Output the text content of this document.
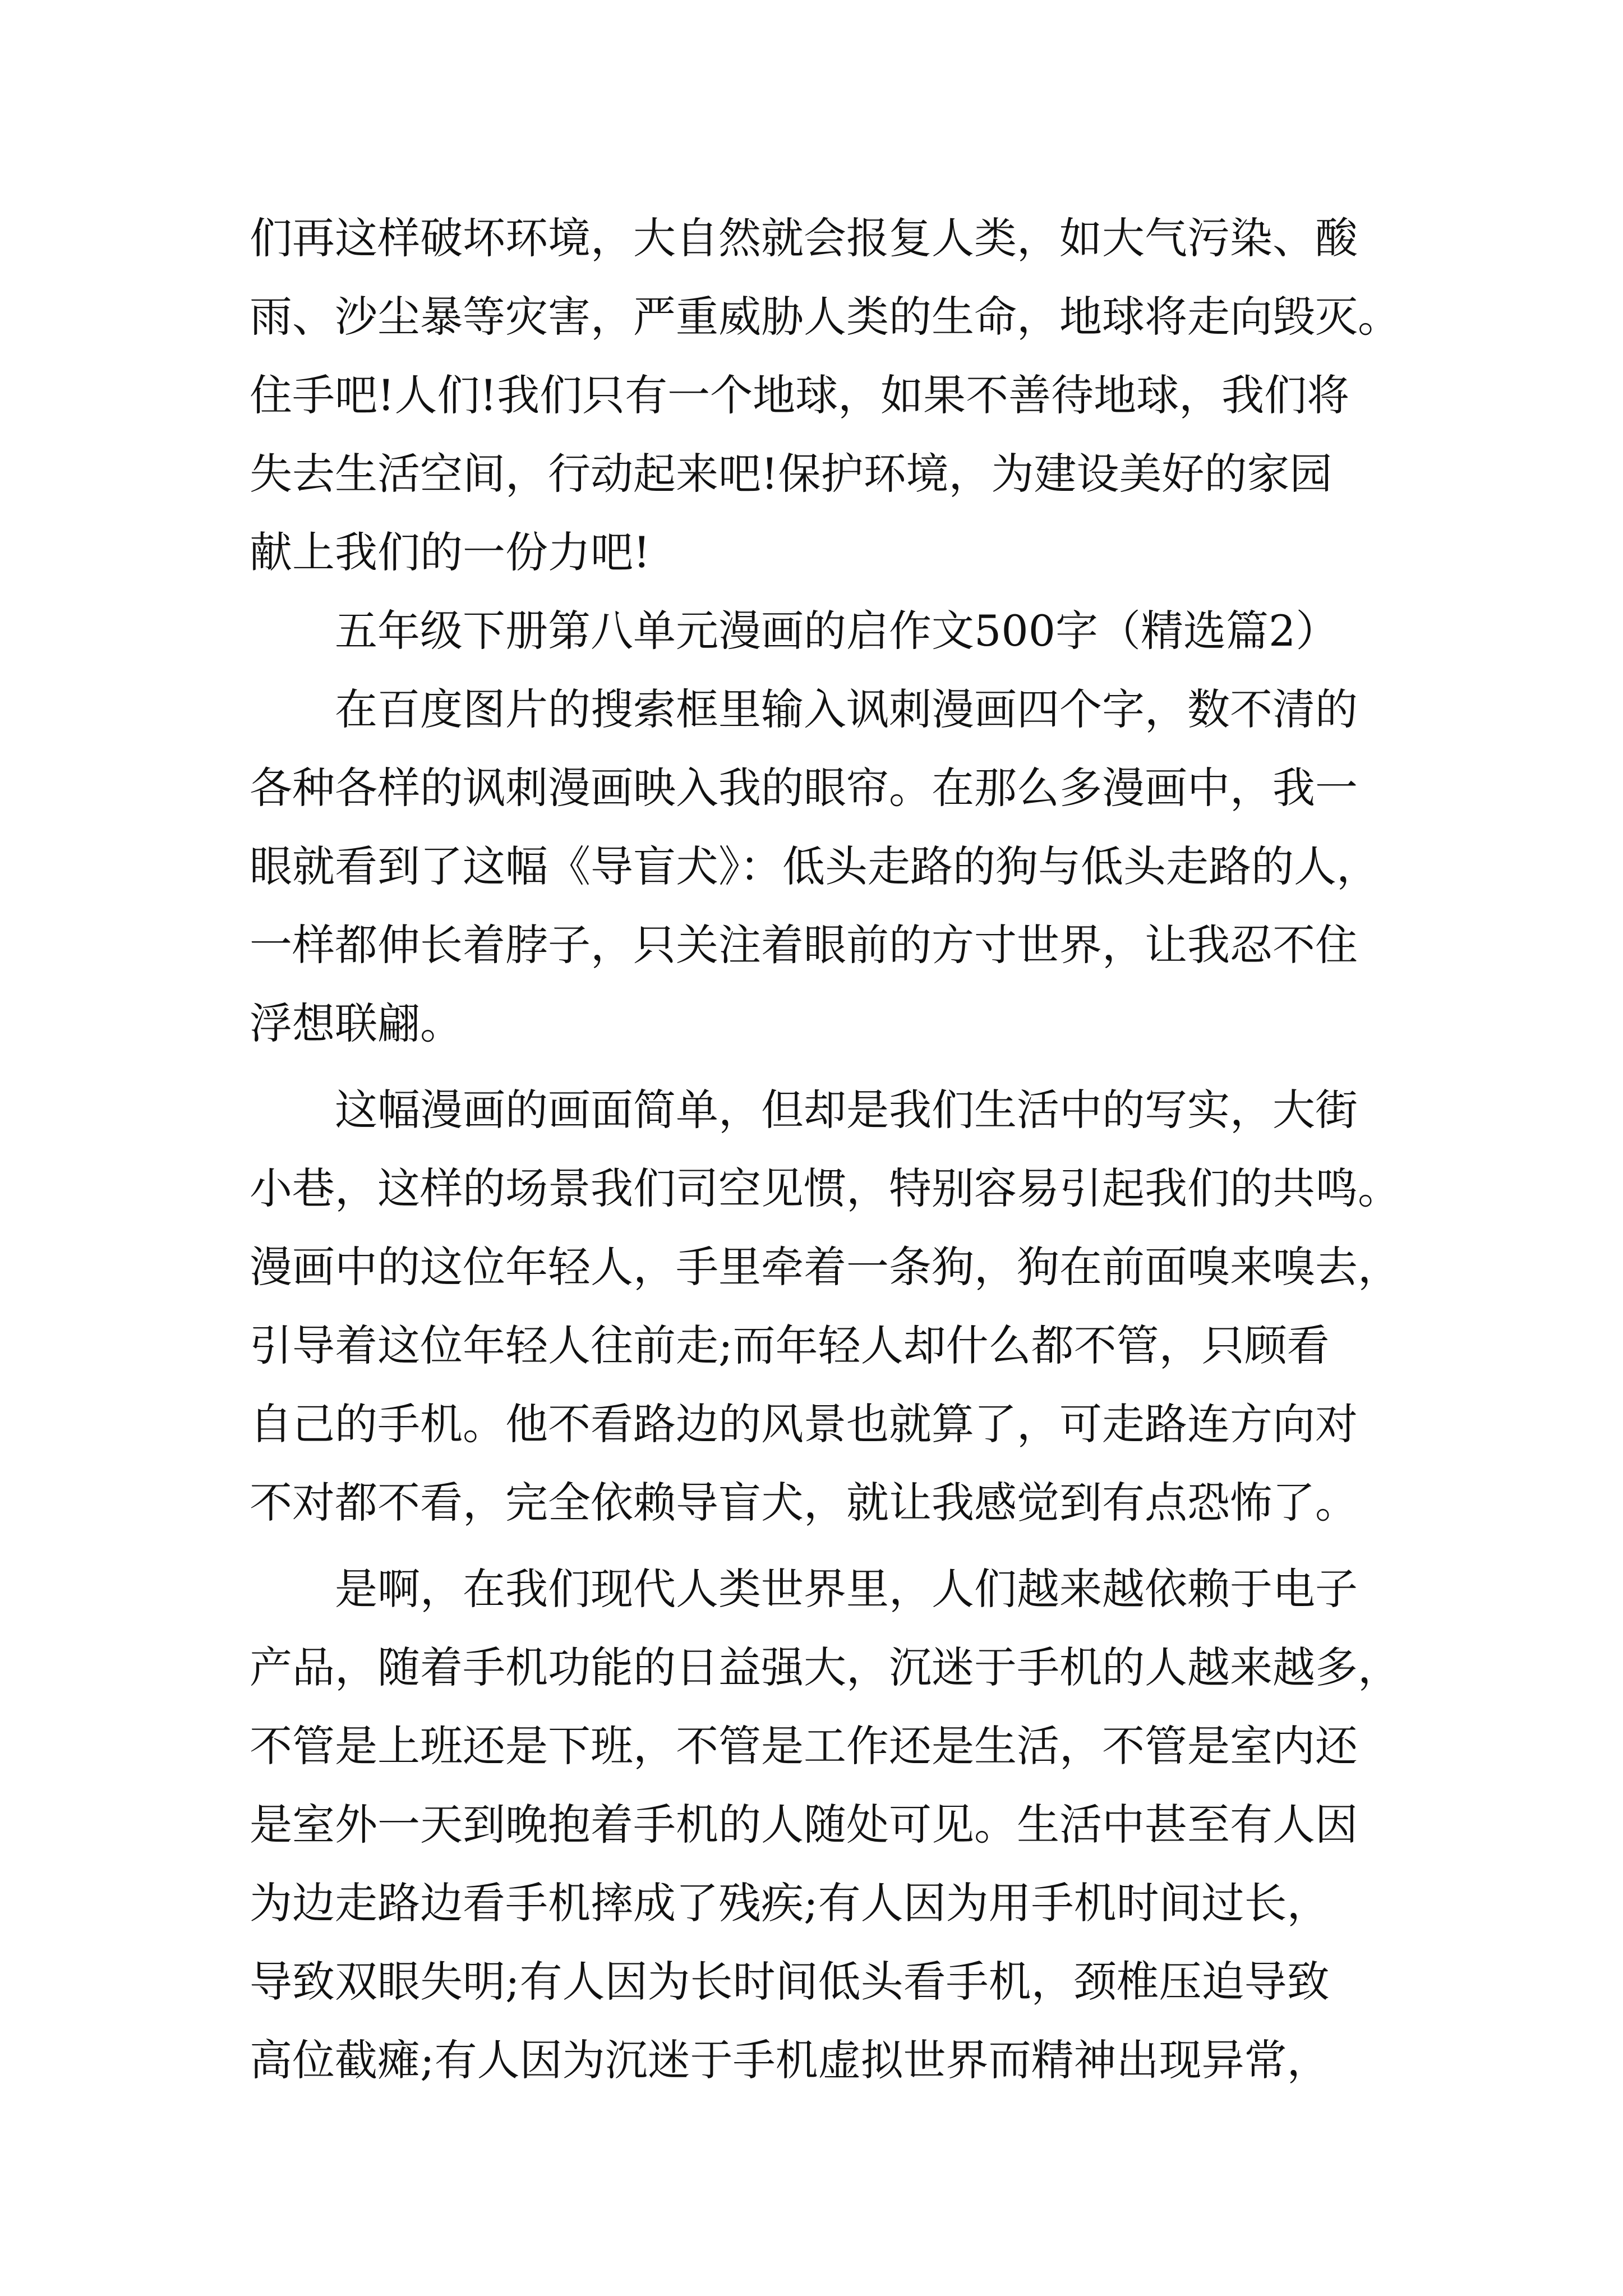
们再这样破坏环境，大自然就会报复人类，如大气污染、酸

雨、沙尘暴等灾害，严重威胁人类的生命，地球将走向毁灭。

住手吧!人们!我们只有一个地球，如果不善待地球，我们将

失去生活空间，行动起来吧!保护环境，为建设美好的家园

献上我们的一份力吧!

五年级下册第八单元漫画的启作文500字（精选篇2）

在百度图片的搜索框里输入讽刺漫画四个字，数不清的

各种各样的讽刺漫画映入我的眼帘。在那么多漫画中，我一

眼就看到了这幅《导盲犬》：低头走路的狗与低头走路的人，

一样都伸长着脖子，只关注着眼前的方寸世界，让我忍不住

浮想联翩。

这幅漫画的画面简单，但却是我们生活中的写实，大街

小巷，这样的场景我们司空见惯，特别容易引起我们的共鸣。

漫画中的这位年轻人，手里牵着一条狗，狗在前面嗅来嗅去，

引导着这位年轻人往前走;而年轻人却什么都不管，只顾看

自己的手机。他不看路边的风景也就算了，可走路连方向对

不对都不看，完全依赖导盲犬，就让我感觉到有点恐怖了。

是啊，在我们现代人类世界里，人们越来越依赖于电子

产品，随着手机功能的日益强大，沉迷于手机的人越来越多，

不管是上班还是下班，不管是工作还是生活，不管是室内还

是室外一天到晚抱着手机的人随处可见。生活中甚至有人因

为边走路边看手机摔成了残疾;有人因为用手机时间过长，

导致双眼失明;有人因为长时间低头看手机，颈椎压迫导致

高位截瘫;有人因为沉迷于手机虚拟世界而精神出现异常，
